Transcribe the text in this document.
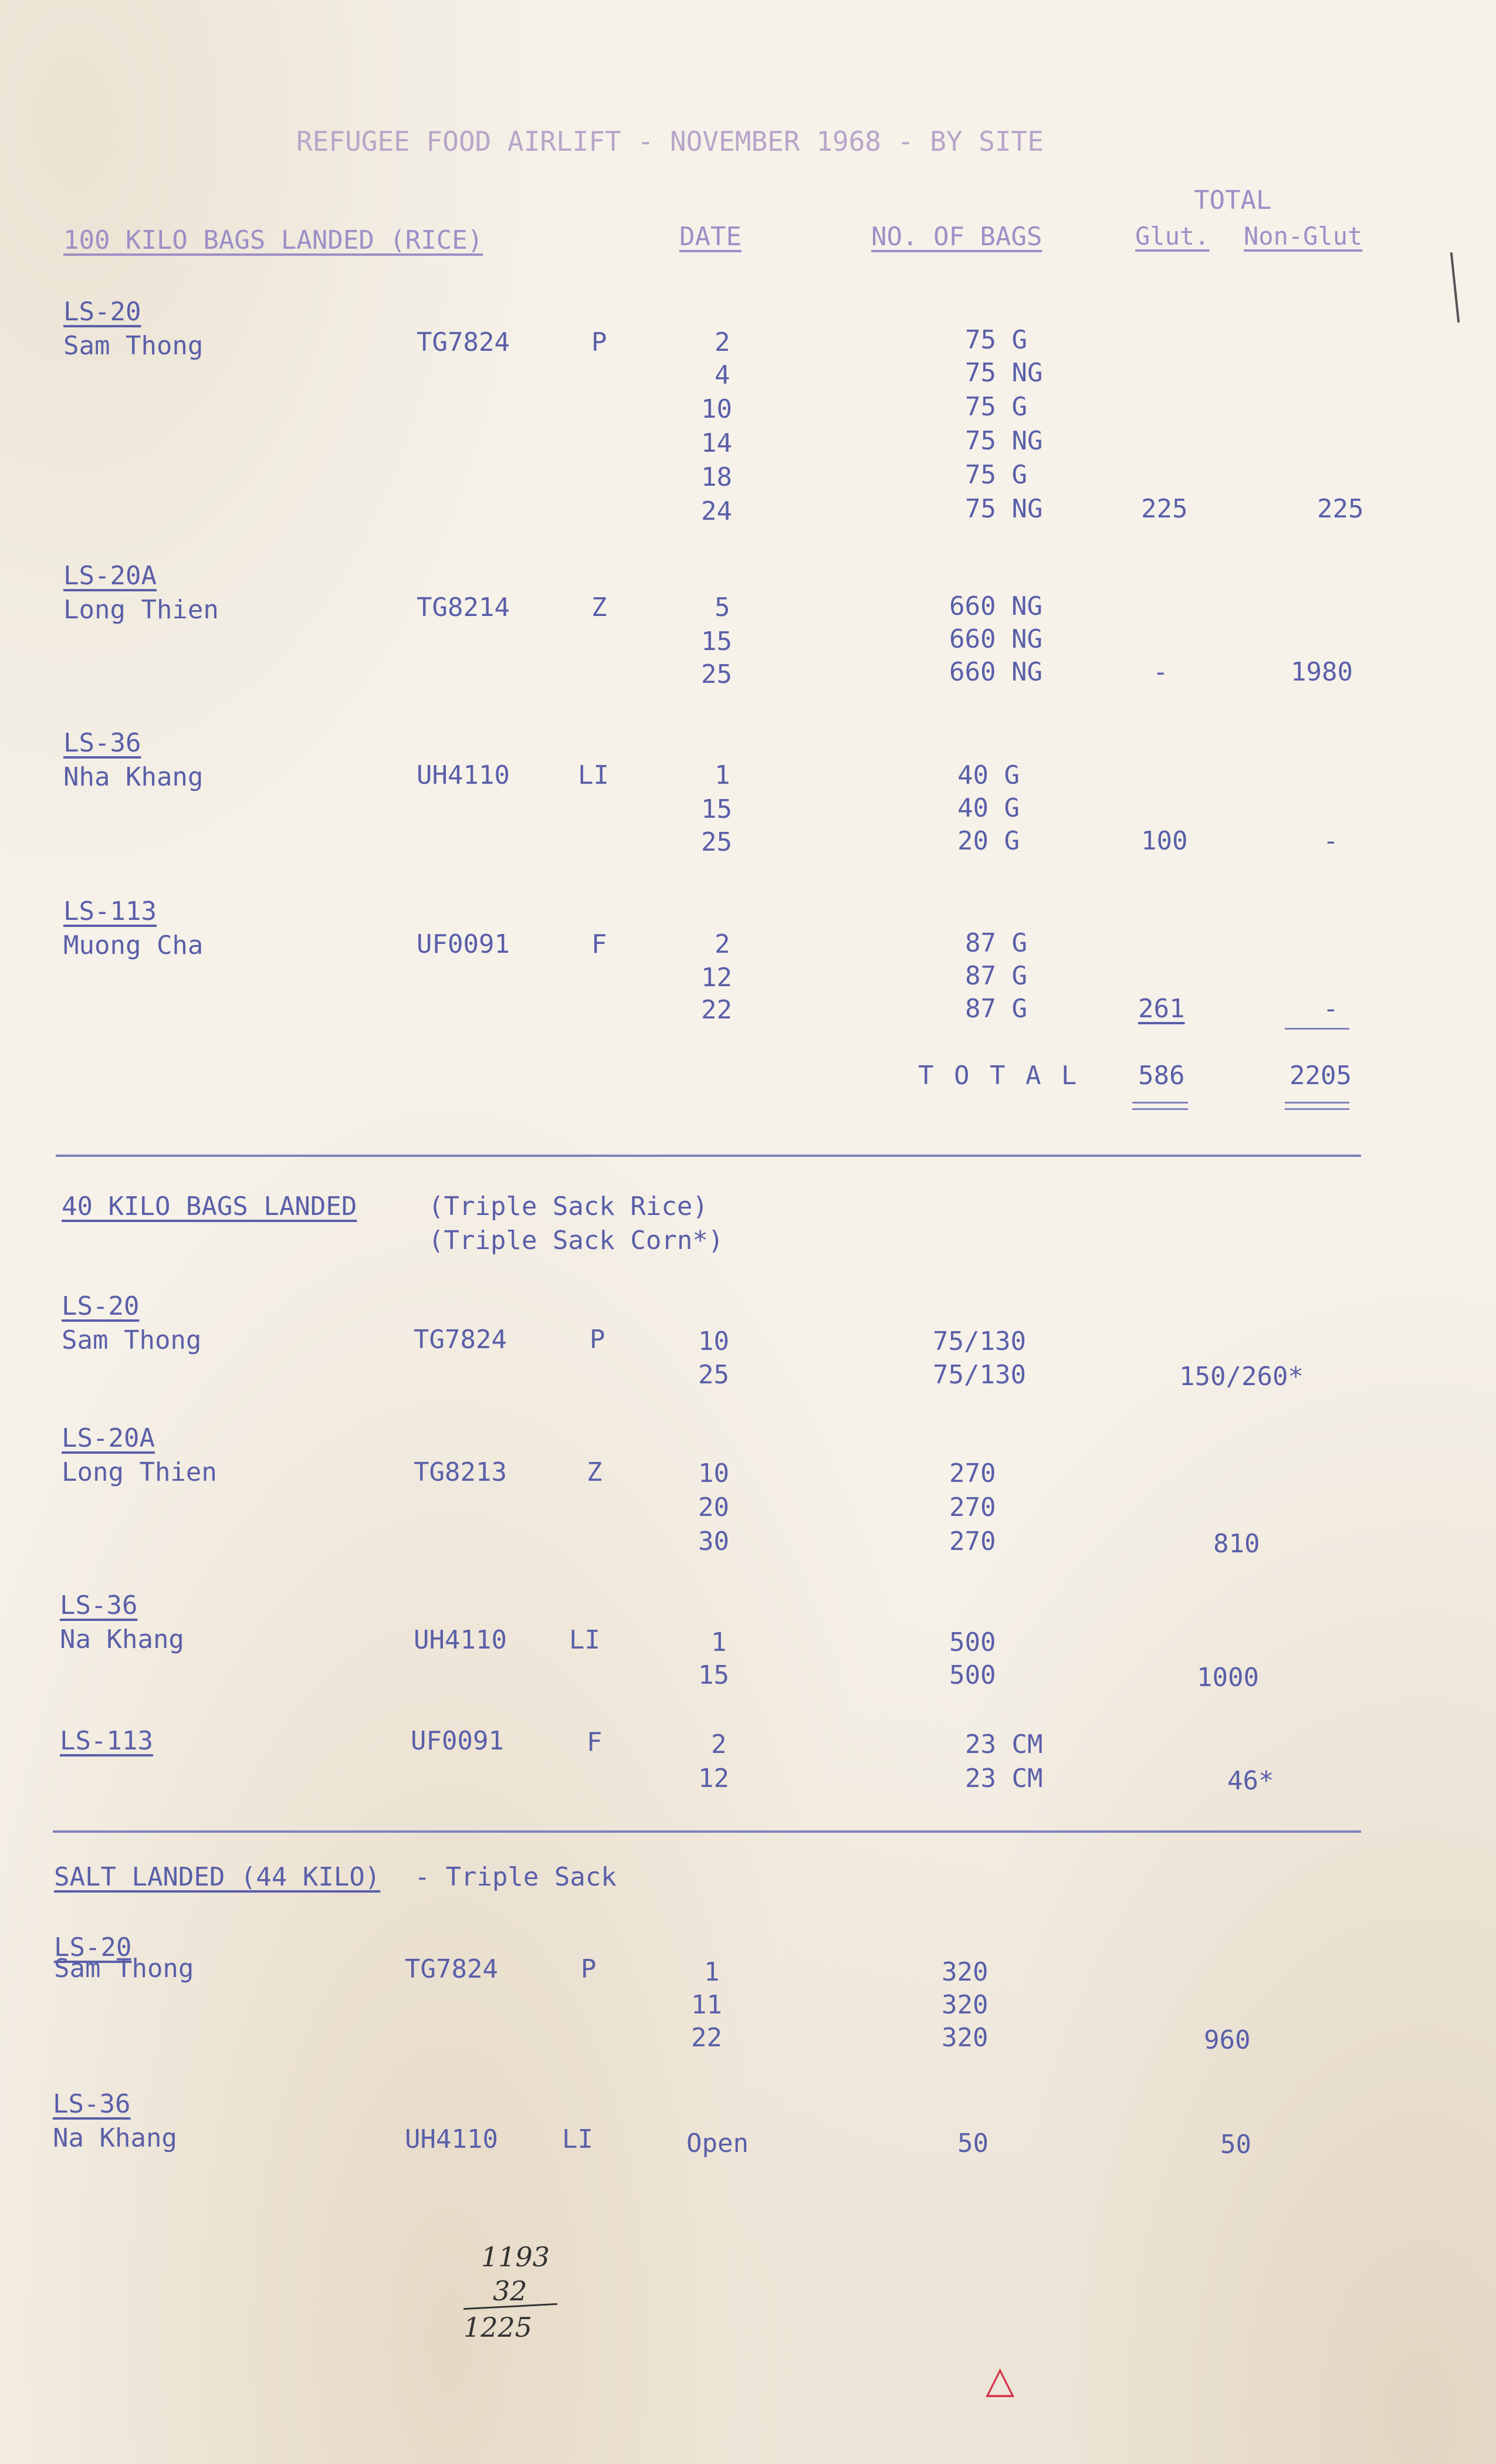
REFUGEE FOOD AIRLIFT - NOVEMBER 1968 - BY SITE
TOTAL
100 KILO BAGS LANDED (RICE)	DATE	NO. OF BAGS	Glut. Non-Glut
LS-20
Sam Thong	TG7824	P	2	75 G
4	75 NG
10	75 G
14	75 NG
18	75 G
24	75 NG	225	225
LS-20A
Long Thien	TG8214	Z	5	660 NG
15	660 NG
25	660 NG	-	1980
LS-36
Nha Khang	UH4110	LI	1	40 G
15	40 G
25	20 G	100	-
LS-113
Muong Cha	UF0091	F	2	87 G
12	87 G
22	87 G	261	-
T O T A L 586	2205
40 KILO BAGS LANDED	(Triple Sack Rice)
(Triple Sack Corn*)
LS-20
Sam Thong	TG7824	P	10	75/130
25	75/130	150/260*
LS-20A
Long Thien	TG8213	Z	10	270
20	270
30	270	810
LS-36
Na Khang	UH4110 LI	1	500
15	500	1000
LS-113	UF0091	F	2	23 CM
12	23 CM	46*
SALT LANDED (44 KILO) - Triple Sack
LS-20
Sam Thong	TG7824	P	1	320
11	320
22	320	960
LS-36
Na Khang	UH4110 LI	Open	50	50
1193
32
1225
△
